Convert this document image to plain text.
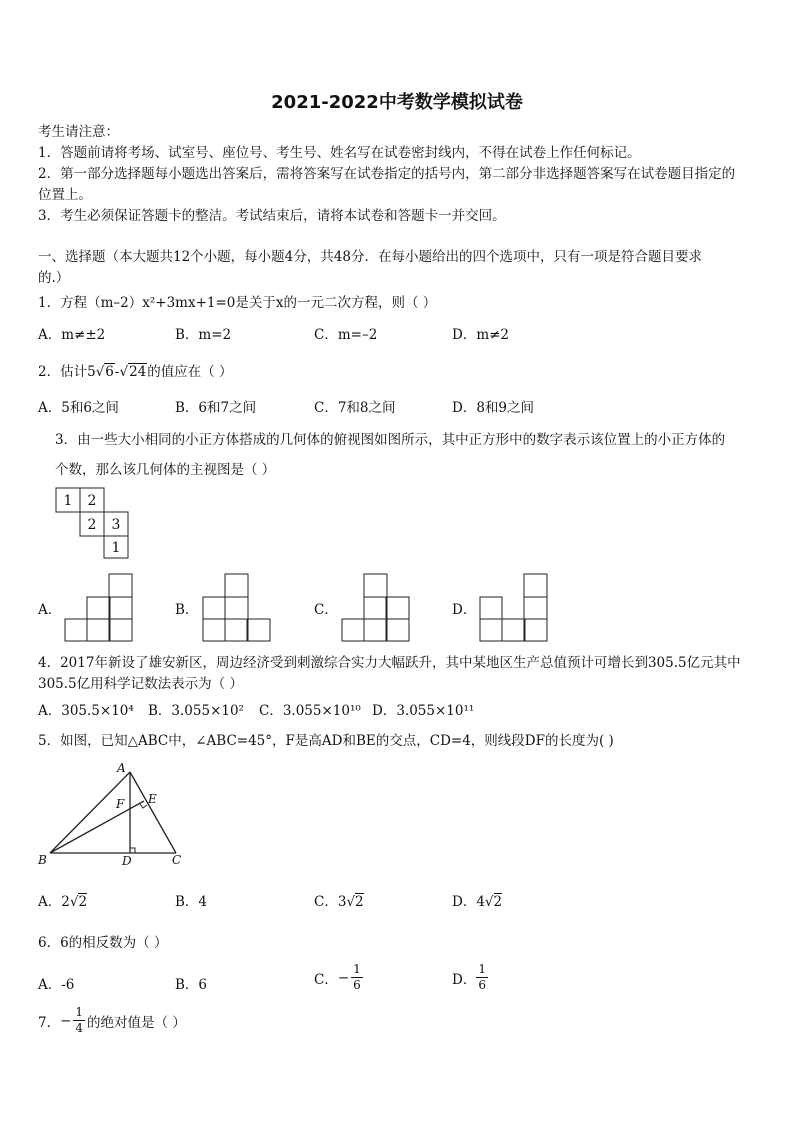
2021-2022中考数学模拟试卷
考生请注意：
1．答题前请将考场、试室号、座位号、考生号、姓名写在试卷密封线内，不得在试卷上作任何标记。
2．第一部分选择题每小题选出答案后，需将答案写在试卷指定的括号内，第二部分非选择题答案写在试卷题目指定的
位置上。
3．考生必须保证答题卡的整洁。考试结束后，请将本试卷和答题卡一并交回。
一、选择题（本大题共12个小题，每小题4分，共48分．在每小题给出的四个选项中，只有一项是符合题目要求
的.）
1．方程（m–2）x²+3mx+1=0是关于x的一元二次方程，则（ ）
A．m≠±2	B．m=2	C．m=–2	D．m≠2
2．估计5√6-√24的值应在（ ）
A．5和6之间	B．6和7之间	C．7和8之间	D．8和9之间
3．由一些大小相同的小正方体搭成的几何体的俯视图如图所示，其中正方形中的数字表示该位置上的小正方体的
个数，那么该几何体的主视图是（ ）
1 2
2 3
1
A．	B．	C．	D．
4．2017年新设了雄安新区，周边经济受到刺激综合实力大幅跃升，其中某地区生产总值预计可增长到305.5亿元其中
305.5亿用科学记数法表示为（ ）
A．305.5×10⁴ B．3.055×10² C．3.055×10¹⁰ D．3.055×10¹¹
5．如图，已知△ABC中，∠ABC=45°，F是高AD和BE的交点，CD=4，则线段DF的长度为( )
A
B	C
D
E
F
A．2√2	B．4	C．3√2	D．4√2
6．6的相反数为（ ）
A．-6	B．6	C． − $\frac{1}{6}$	D．
1
6
7． − $\frac{1}{4}$ 的绝对值是（ ）
